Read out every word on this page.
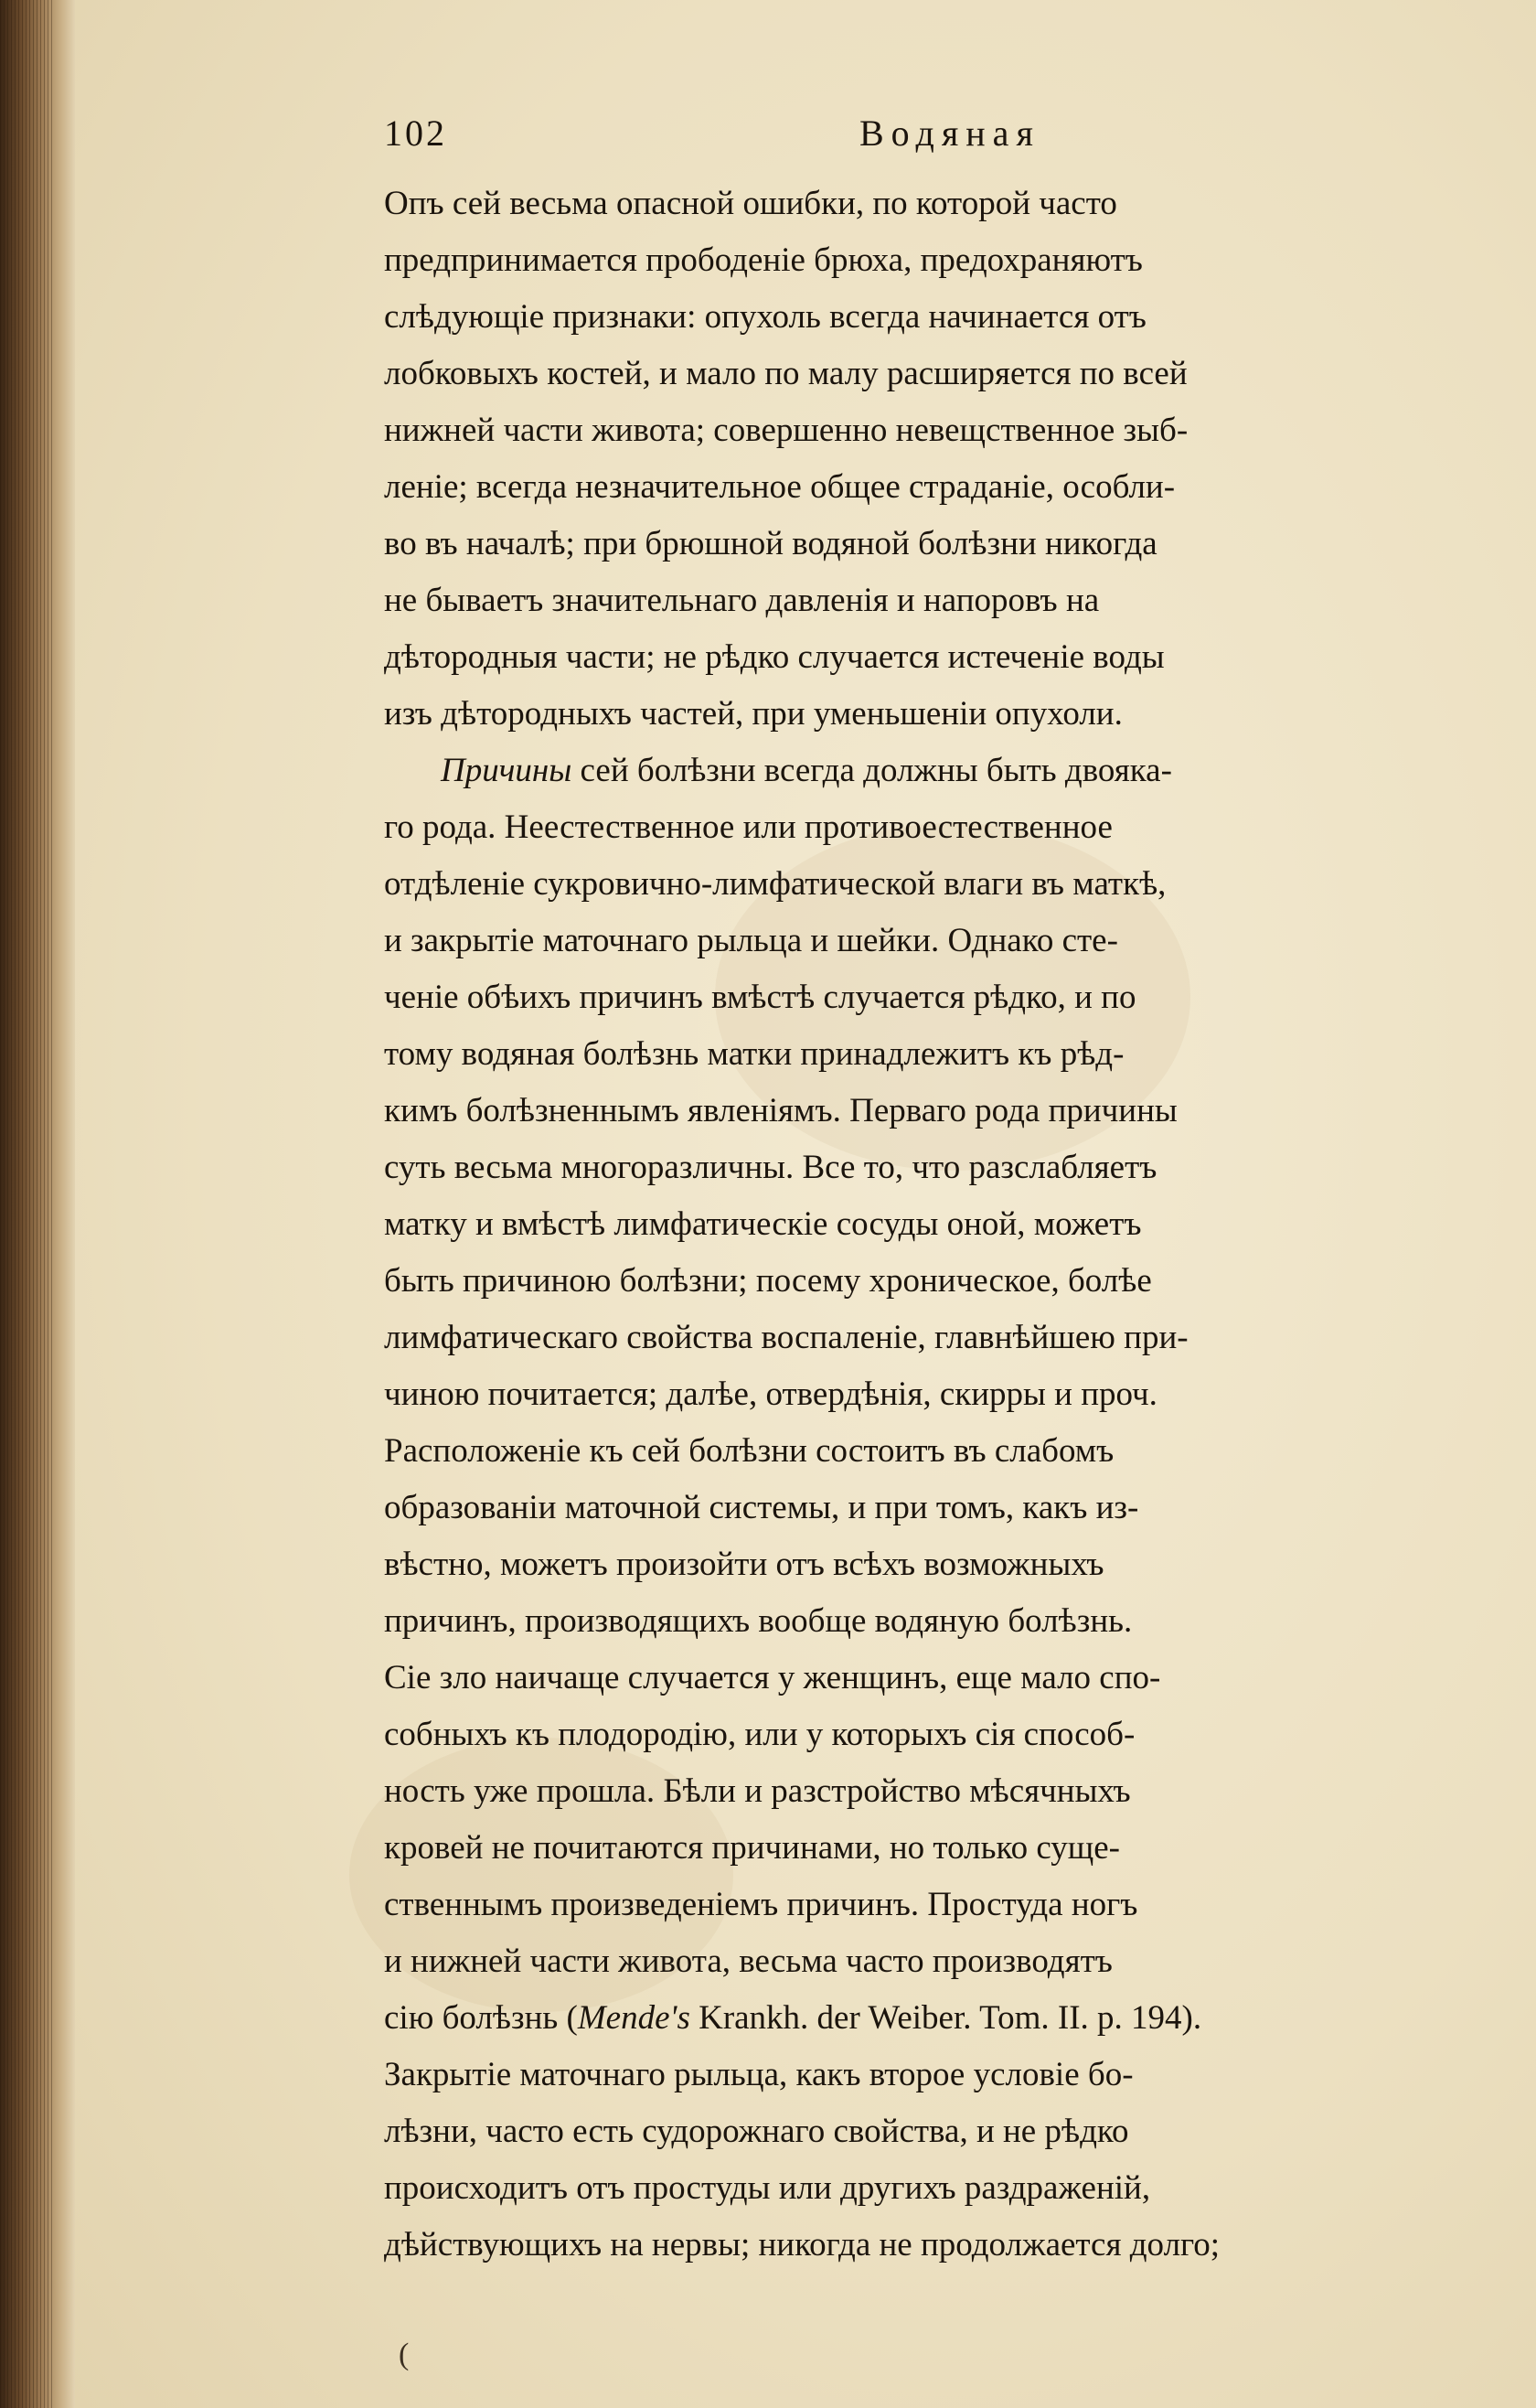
102	Водяная
Опъ сей весьма опасной ошибки, по которой часто
предпринимается прободеніе брюха, предохраняютъ
слѣдующіе признаки: опухоль всегда начинается отъ
лобковыхъ костей, и мало по малу расширяется по всей
нижней части живота; совершенно невещственное зыб-
леніе; всегда незначительное общее страданіе, особли-
во въ началѣ; при брюшной водяной болѣзни никогда
не бываетъ значительнаго давленія и напоровъ на
дѣтородныя части; не рѣдко случается истеченіе воды
изъ дѣтородныхъ частей, при уменьшеніи опухоли.
Причины сей болѣзни всегда должны быть двояка-
го рода. Неестественное или противоестественное
отдѣленіе сукровично-лимфатической влаги въ маткѣ,
и закрытіе маточнаго рыльца и шейки. Однако сте-
ченіе обѣихъ причинъ вмѣстѣ случается рѣдко, и по
тому водяная болѣзнь матки принадлежитъ къ рѣд-
кимъ болѣзненнымъ явленіямъ. Перваго рода причины
суть весьма многоразличны. Все то, что разслабляетъ
матку и вмѣстѣ лимфатическіе сосуды оной, можетъ
быть причиною болѣзни; посему хроническое, болѣе
лимфатическаго свойства воспаленіе, главнѣйшею при-
чиною почитается; далѣе, отвердѣнія, скирры и проч.
Расположеніе къ сей болѣзни состоитъ въ слабомъ
образованіи маточной системы, и при томъ, какъ из-
вѣстно, можетъ произойти отъ всѣхъ возможныхъ
причинъ, производящихъ вообще водяную болѣзнь.
Сіе зло наичаще случается у женщинъ, еще мало спо-
собныхъ къ плодородію, или у которыхъ сія способ-
ность уже прошла. Бѣли и разстройство мѣсячныхъ
кровей не почитаются причинами, но только суще-
ственнымъ произведеніемъ причинъ. Простуда ногъ
и нижней части живота, весьма часто производятъ
сію болѣзнь (Mende's Krankh. der Weiber. Tom. II. p. 194).
Закрытіе маточнаго рыльца, какъ второе условіе бо-
лѣзни, часто есть судорожнаго свойства, и не рѣдко
происходитъ отъ простуды или другихъ раздраженій,
дѣйствующихъ на нервы; никогда не продолжается долго;
(
